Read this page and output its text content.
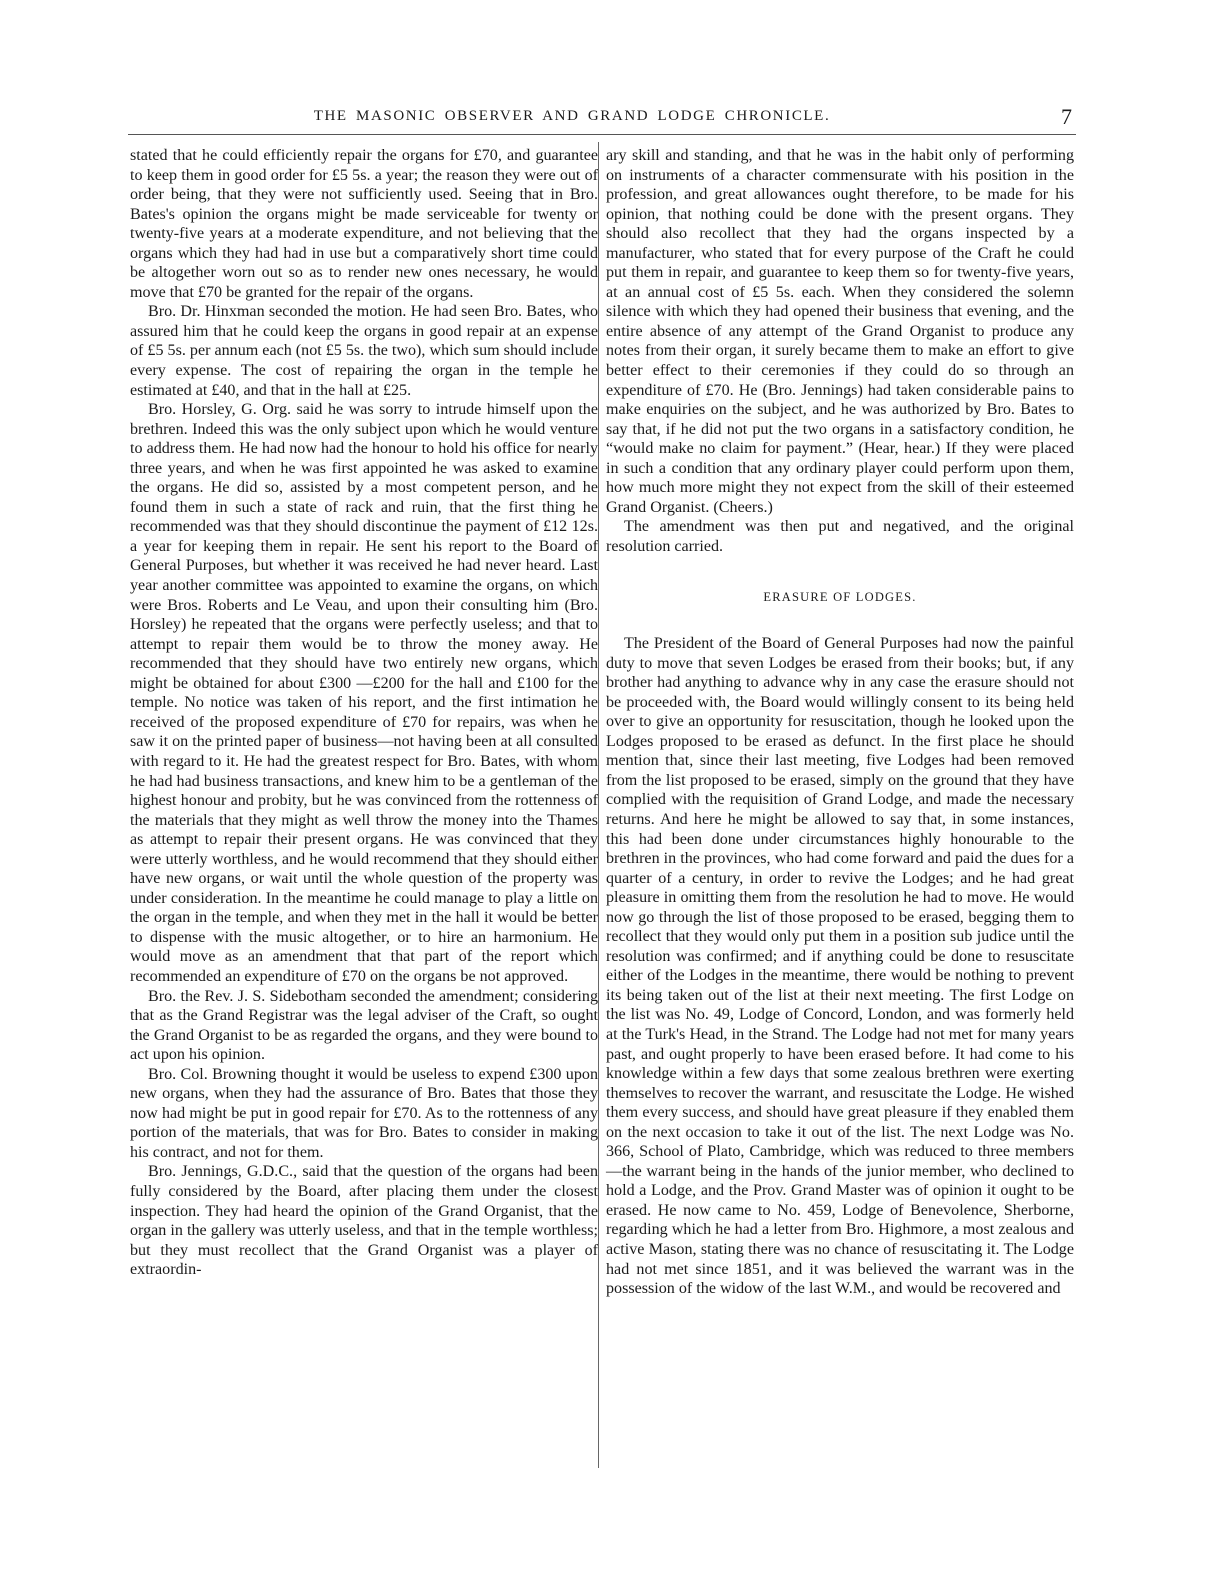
THE MASONIC OBSERVER AND GRAND LODGE CHRONICLE.	7

stated that he could efficiently repair the organs for £70, and guarantee to keep them in good order for £5 5s. a year; the reason they were out of order being, that they were not sufficiently used. Seeing that in Bro. Bates's opinion the organs might be made serviceable for twenty or twenty-five years at a moderate expenditure, and not believing that the organs which they had had in use but a comparatively short time could be altogether worn out so as to render new ones necessary, he would move that £70 be granted for the repair of the organs.

Bro. Dr. Hinxman seconded the motion. He had seen Bro. Bates, who assured him that he could keep the organs in good repair at an expense of £5 5s. per annum each (not £5 5s. the two), which sum should include every expense. The cost of repairing the organ in the temple he estimated at £40, and that in the hall at £25.

Bro. Horsley, G. Org. said he was sorry to intrude himself upon the brethren. Indeed this was the only subject upon which he would venture to address them. He had now had the honour to hold his office for nearly three years, and when he was first appointed he was asked to examine the organs. He did so, assisted by a most competent person, and he found them in such a state of rack and ruin, that the first thing he recommended was that they should discontinue the payment of £12 12s. a year for keeping them in repair. He sent his report to the Board of General Purposes, but whether it was received he had never heard. Last year another committee was appointed to examine the organs, on which were Bros. Roberts and Le Veau, and upon their consulting him (Bro. Horsley) he repeated that the organs were perfectly useless; and that to attempt to repair them would be to throw the money away. He recommended that they should have two entirely new organs, which might be obtained for about £300 —£200 for the hall and £100 for the temple. No notice was taken of his report, and the first intimation he received of the proposed expenditure of £70 for repairs, was when he saw it on the printed paper of business—not having been at all consulted with regard to it. He had the greatest respect for Bro. Bates, with whom he had had business transactions, and knew him to be a gentleman of the highest honour and probity, but he was convinced from the rottenness of the materials that they might as well throw the money into the Thames as attempt to repair their present organs. He was convinced that they were utterly worthless, and he would recommend that they should either have new organs, or wait until the whole question of the property was under consideration. In the meantime he could manage to play a little on the organ in the temple, and when they met in the hall it would be better to dispense with the music altogether, or to hire an harmonium. He would move as an amendment that that part of the report which recommended an expenditure of £70 on the organs be not approved.

Bro. the Rev. J. S. Sidebotham seconded the amendment; considering that as the Grand Registrar was the legal adviser of the Craft, so ought the Grand Organist to be as regarded the organs, and they were bound to act upon his opinion.

Bro. Col. Browning thought it would be useless to expend £300 upon new organs, when they had the assurance of Bro. Bates that those they now had might be put in good repair for £70. As to the rottenness of any portion of the materials, that was for Bro. Bates to consider in making his contract, and not for them.

Bro. Jennings, G.D.C., said that the question of the organs had been fully considered by the Board, after placing them under the closest inspection. They had heard the opinion of the Grand Organist, that the organ in the gallery was utterly useless, and that in the temple worthless; but they must recollect that the Grand Organist was a player of extraordin-

ary skill and standing, and that he was in the habit only of performing on instruments of a character commensurate with his position in the profession, and great allowances ought therefore, to be made for his opinion, that nothing could be done with the present organs. They should also recollect that they had the organs inspected by a manufacturer, who stated that for every purpose of the Craft he could put them in repair, and guarantee to keep them so for twenty-five years, at an annual cost of £5 5s. each. When they considered the solemn silence with which they had opened their business that evening, and the entire absence of any attempt of the Grand Organist to produce any notes from their organ, it surely became them to make an effort to give better effect to their ceremonies if they could do so through an expenditure of £70. He (Bro. Jennings) had taken considerable pains to make enquiries on the subject, and he was authorized by Bro. Bates to say that, if he did not put the two organs in a satisfactory condition, he “would make no claim for payment.” (Hear, hear.) If they were placed in such a condition that any ordinary player could perform upon them, how much more might they not expect from the skill of their esteemed Grand Organist. (Cheers.)

The amendment was then put and negatived, and the original resolution carried.

ERASURE OF LODGES.

The President of the Board of General Purposes had now the painful duty to move that seven Lodges be erased from their books; but, if any brother had anything to advance why in any case the erasure should not be proceeded with, the Board would willingly consent to its being held over to give an opportunity for resuscitation, though he looked upon the Lodges proposed to be erased as defunct. In the first place he should mention that, since their last meeting, five Lodges had been removed from the list proposed to be erased, simply on the ground that they have complied with the requisition of Grand Lodge, and made the necessary returns. And here he might be allowed to say that, in some instances, this had been done under circumstances highly honourable to the brethren in the provinces, who had come forward and paid the dues for a quarter of a century, in order to revive the Lodges; and he had great pleasure in omitting them from the resolution he had to move. He would now go through the list of those proposed to be erased, begging them to recollect that they would only put them in a position sub judice until the resolution was confirmed; and if anything could be done to resuscitate either of the Lodges in the meantime, there would be nothing to prevent its being taken out of the list at their next meeting. The first Lodge on the list was No. 49, Lodge of Concord, London, and was formerly held at the Turk's Head, in the Strand. The Lodge had not met for many years past, and ought properly to have been erased before. It had come to his knowledge within a few days that some zealous brethren were exerting themselves to recover the warrant, and resuscitate the Lodge. He wished them every success, and should have great pleasure if they enabled them on the next occasion to take it out of the list. The next Lodge was No. 366, School of Plato, Cambridge, which was reduced to three members—the warrant being in the hands of the junior member, who declined to hold a Lodge, and the Prov. Grand Master was of opinion it ought to be erased. He now came to No. 459, Lodge of Benevolence, Sherborne, regarding which he had a letter from Bro. Highmore, a most zealous and active Mason, stating there was no chance of resuscitating it. The Lodge had not met since 1851, and it was believed the warrant was in the possession of the widow of the last W.M., and would be recovered and
